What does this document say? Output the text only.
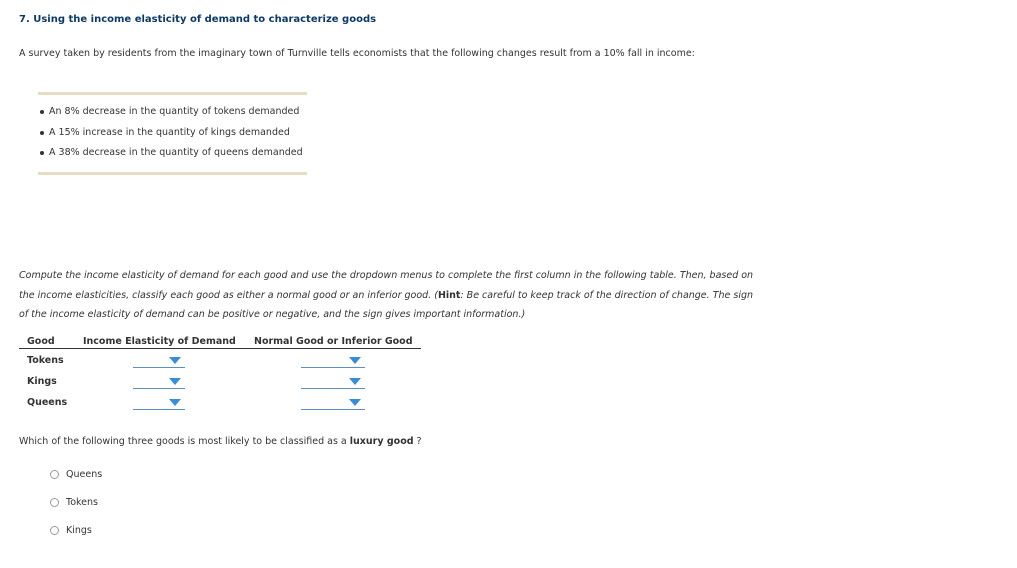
7. Using the income elasticity of demand to characterize goods
A survey taken by residents from the imaginary town of Turnville tells economists that the following changes result from a 10% fall in income:
An 8% decrease in the quantity of tokens demanded
A 15% increase in the quantity of kings demanded
A 38% decrease in the quantity of queens demanded
Compute the income elasticity of demand for each good and use the dropdown menus to complete the first column in the following table. Then, based on the income elasticities, classify each good as either a normal good or an inferior good. (Hint: Be careful to keep track of the direction of change. The sign of the income elasticity of demand can be positive or negative, and the sign gives important information.)
Good	Income Elasticity of Demand Normal Good or Inferior Good
Tokens
Kings
Queens
Which of the following three goods is most likely to be classified as a luxury good ?
Queens
Tokens
Kings
